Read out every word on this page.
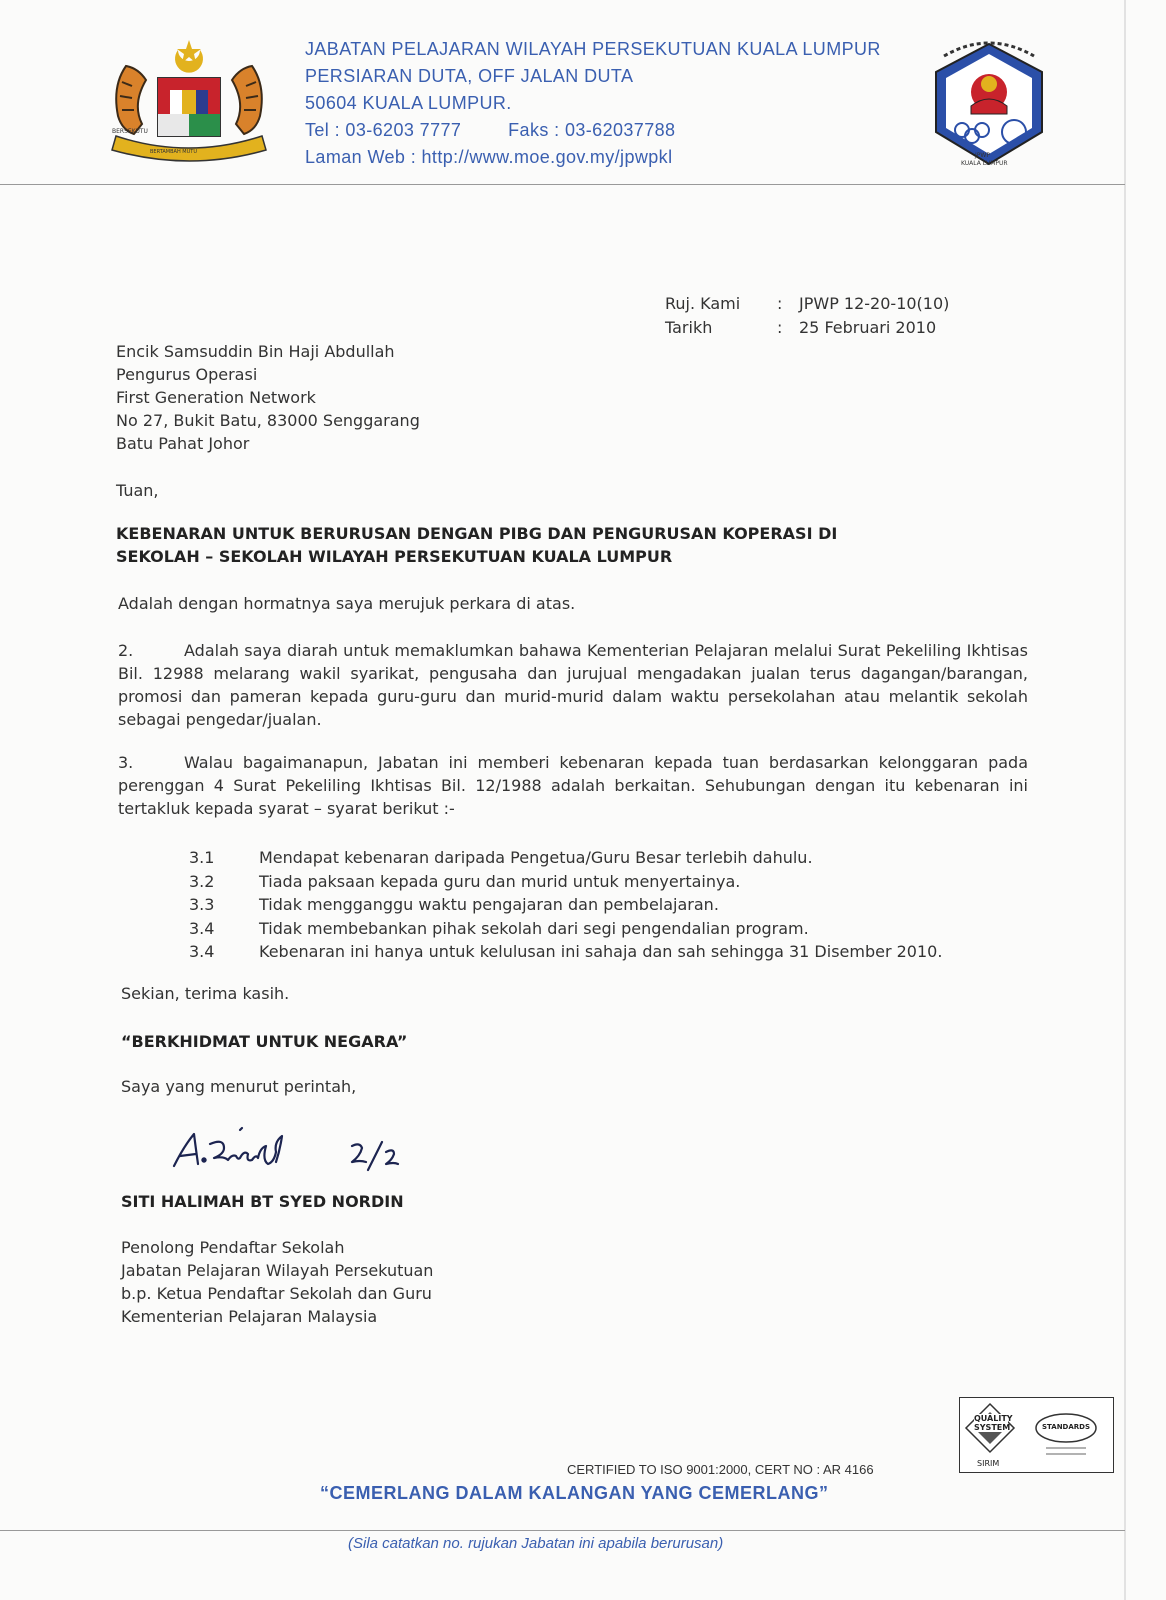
BERSEKUTU
BERTAMBAH MUTU
JABATAN PELAJARAN WILAYAH PERSEKUTUAN KUALA LUMPUR
PERSIARAN DUTA, OFF JALAN DUTA
50604 KUALA LUMPUR.
Tel : 03-6203 7777	Faks : 03-62037788
Laman Web : http://www.moe.gov.my/jpwpkl	JPWP
KUALA LUMPUR
Ruj. Kami	:	JPWP 12-20-10(10)
Tarikh	:	25 Februari 2010
Encik Samsuddin Bin Haji Abdullah
Pengurus Operasi
First Generation Network
No 27, Bukit Batu, 83000 Senggarang
Batu Pahat Johor
Tuan,
KEBENARAN UNTUK BERURUSAN DENGAN PIBG DAN PENGURUSAN KOPERASI DI
SEKOLAH – SEKOLAH WILAYAH PERSEKUTUAN KUALA LUMPUR
Adalah dengan hormatnya saya merujuk perkara di atas.
2.	Adalah saya diarah untuk memaklumkan bahawa Kementerian Pelajaran melalui Surat Pekeliling Ikhtisas Bil. 12988 melarang wakil syarikat, pengusaha dan jurujual mengadakan jualan terus dagangan/barangan, promosi dan pameran kepada guru-guru dan murid-murid dalam waktu persekolahan atau melantik sekolah sebagai pengedar/jualan.
3.	Walau bagaimanapun, Jabatan ini memberi kebenaran kepada tuan berdasarkan kelonggaran pada perenggan 4 Surat Pekeliling Ikhtisas Bil. 12/1988 adalah berkaitan. Sehubungan dengan itu kebenaran ini tertakluk kepada syarat – syarat berikut :-
3.1	Mendapat kebenaran daripada Pengetua/Guru Besar terlebih dahulu.
3.2	Tiada paksaan kepada guru dan murid untuk menyertainya.
3.3	Tidak mengganggu waktu pengajaran dan pembelajaran.
3.4	Tidak membebankan pihak sekolah dari segi pengendalian program.
3.4	Kebenaran ini hanya untuk kelulusan ini sahaja dan sah sehingga 31 Disember 2010.
Sekian, terima kasih.
“BERKHIDMAT UNTUK NEGARA”
Saya yang menurut perintah,
SITI HALIMAH BT SYED NORDIN
Penolong Pendaftar Sekolah
Jabatan Pelajaran Wilayah Persekutuan
b.p. Ketua Pendaftar Sekolah dan Guru
Kementerian Pelajaran Malaysia
QUALITY
SYSTEM
SIRIM
STANDARDS
CERTIFIED TO ISO 9001:2000, CERT NO : AR 4166
“CEMERLANG DALAM KALANGAN YANG CEMERLANG”
(Sila catatkan no. rujukan Jabatan ini apabila berurusan)
